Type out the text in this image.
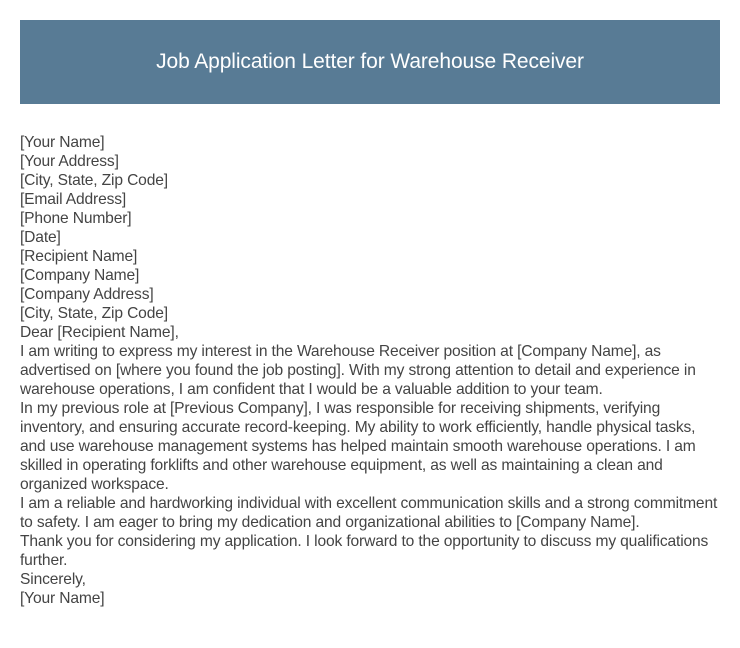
Job Application Letter for Warehouse Receiver
[Your Name]
[Your Address]
[City, State, Zip Code]
[Email Address]
[Phone Number]
[Date]
[Recipient Name]
[Company Name]
[Company Address]
[City, State, Zip Code]
Dear [Recipient Name],

I am writing to express my interest in the Warehouse Receiver position at [Company Name], as advertised on [where you found the job posting]. With my strong attention to detail and experience in warehouse operations, I am confident that I would be a valuable addition to your team.

In my previous role at [Previous Company], I was responsible for receiving shipments, verifying inventory, and ensuring accurate record-keeping. My ability to work efficiently, handle physical tasks, and use warehouse management systems has helped maintain smooth warehouse operations. I am skilled in operating forklifts and other warehouse equipment, as well as maintaining a clean and organized workspace.

I am a reliable and hardworking individual with excellent communication skills and a strong commitment to safety. I am eager to bring my dedication and organizational abilities to [Company Name].

Thank you for considering my application. I look forward to the opportunity to discuss my qualifications further.

Sincerely,
[Your Name]
